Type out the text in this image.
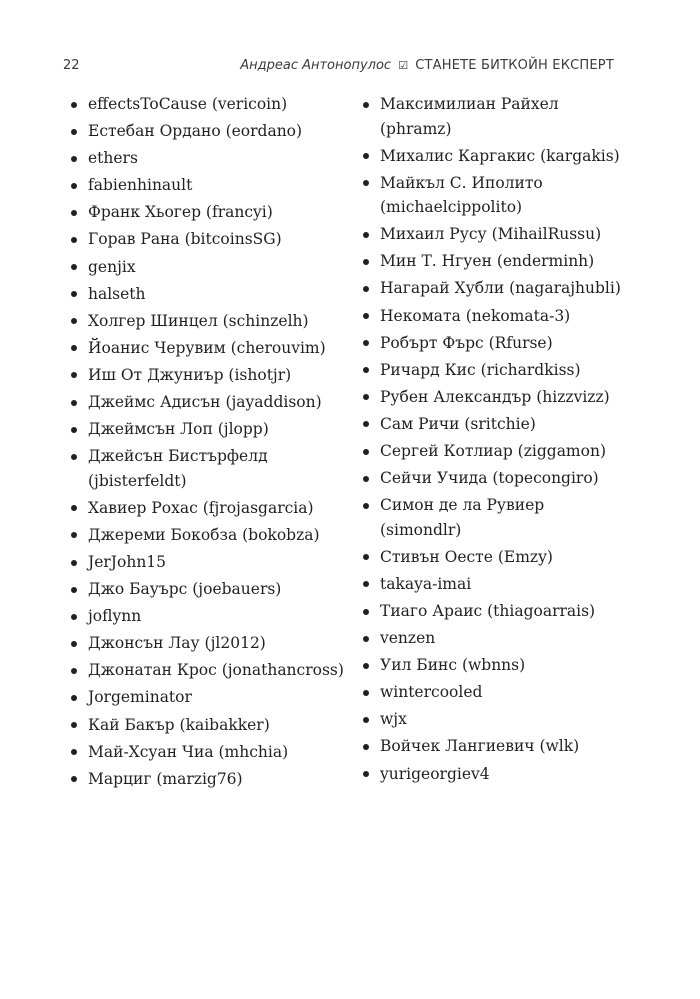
22	Андреас Антонопулос ☑ СТАНЕТЕ БИТКОЙН ЕКСПЕРТ
effectsToCause (vericoin)
Естебан Ордано (eordano)
ethers
fabienhinault
Франк Хьогер (francyi)
Горав Рана (bitcoinsSG)
genjix
halseth
Холгер Шинцел (schinzelh)
Йоанис Черувим (cherouvim)
Иш От Джуниър (ishotjr)
Джеймс Адисън (jayaddison)
Джеймсън Лоп (jlopp)
Джейсън Бистърфелд (jbisterfeldt)
Хавиер Рохас (fjrojasgarcia)
Джереми Бокобза (bokobza)
JerJohn15
Джо Бауърс (joebauers)
joflynn
Джонсън Лау (jl2012)
Джонатан Крос (jonathancross)
Jorgeminator
Кай Бакър (kaibakker)
Май-Хсуан Чиа (mhchia)
Марциг (marzig76)
Максимилиан Райхел (phramz)
Михалис Каргакис (kargakis)
Майкъл С. Иполито (michaelcippolito)
Михаил Русу (MihailRussu)
Мин Т. Нгуен (enderminh)
Нагарай Хубли (nagarajhubli)
Некомата (nekomata-3)
Робърт Фърс (Rfurse)
Ричард Кис (richardkiss)
Рубен Александър (hizzvizz)
Сам Ричи (sritchie)
Сергей Котлиар (ziggamon)
Сейчи Учида (topecongiro)
Симон де ла Рувиер (simondlr)
Стивън Оесте (Emzy)
takaya-imai
Тиаго Араис (thiagoarrais)
venzen
Уил Бинс (wbnns)
wintercooled
wjx
Войчек Лангиевич (wlk)
yurigeorgiev4
